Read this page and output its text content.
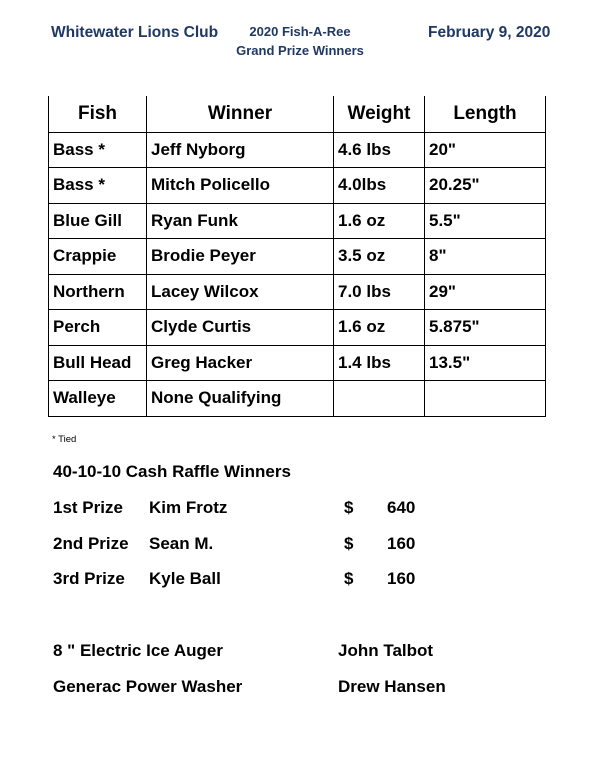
Whitewater Lions Club	2020 Fish-A-Ree
Grand Prize Winners
February 9, 2020
Fish	Winner	Weight	Length
Bass *	Jeff Nyborg	4.6 lbs	20"
Bass *	Mitch Policello	4.0lbs	20.25"
Blue Gill	Ryan Funk	1.6 oz	5.5"
Crappie	Brodie Peyer	3.5 oz	8"
Northern	Lacey Wilcox	7.0 lbs	29"
Perch	Clyde Curtis	1.6 oz	5.875"
Bull Head	Greg Hacker	1.4 lbs	13.5"
Walleye	None Qualifying		
* Tied
40-10-10 Cash Raffle Winners
1st Prize Kim Frotz	$ 640
2nd Prize Sean M.	$ 160
3rd Prize Kyle Ball	$ 160
8 " Electric Ice Auger	John Talbot
Generac Power Washer	Drew Hansen
